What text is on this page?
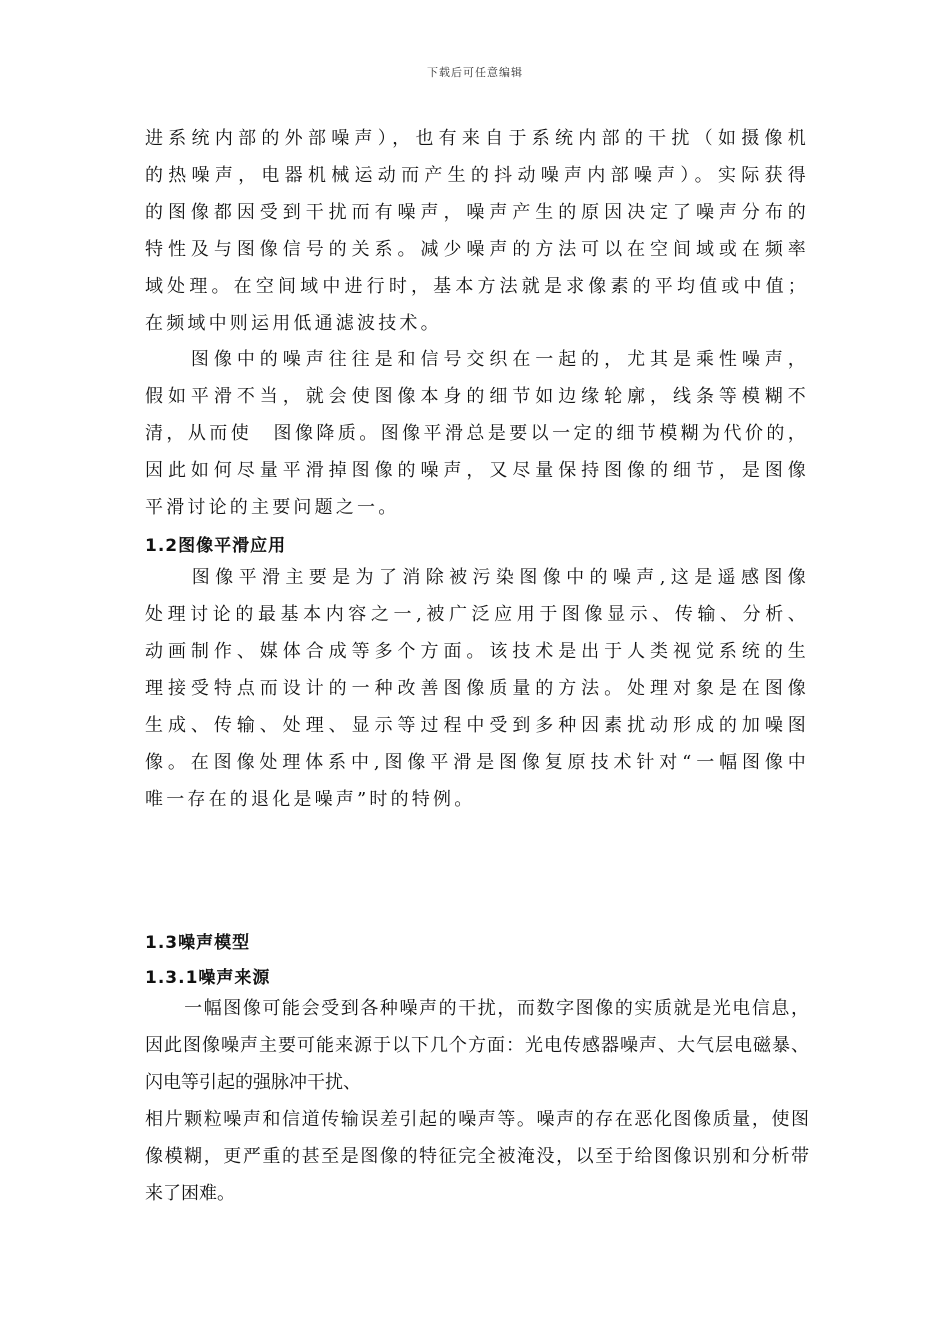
下载后可任意编辑
进系统内部的外部噪声），也有来自于系统内部的干扰（如摄像机
的热噪声，电器机械运动而产生的抖动噪声内部噪声）。实际获得
的图像都因受到干扰而有噪声，噪声产生的原因决定了噪声分布的
特性及与图像信号的关系。减少噪声的方法可以在空间域或在频率
域处理。在空间域中进行时，基本方法就是求像素的平均值或中值；
在频域中则运用低通滤波技术。
　　图像中的噪声往往是和信号交织在一起的，尤其是乘性噪声，
假如平滑不当，就会使图像本身的细节如边缘轮廓，线条等模糊不
清，从而使　图像降质。图像平滑总是要以一定的细节模糊为代价的，
因此如何尽量平滑掉图像的噪声，又尽量保持图像的细节，是图像
平滑讨论的主要问题之一。
1.2图像平滑应用
　　图像平滑主要是为了消除被污染图像中的噪声,这是遥感图像
处理讨论的最基本内容之一,被广泛应用于图像显示、传输、分析、
动画制作、媒体合成等多个方面。该技术是出于人类视觉系统的生
理接受特点而设计的一种改善图像质量的方法。处理对象是在图像
生成、传输、处理、显示等过程中受到多种因素扰动形成的加噪图
像。在图像处理体系中,图像平滑是图像复原技术针对“一幅图像中
唯一存在的退化是噪声”时的特例。
1.3噪声模型
1.3.1噪声来源
　　一幅图像可能会受到各种噪声的干扰，而数字图像的实质就是光电信息，
因此图像噪声主要可能来源于以下几个方面：光电传感器噪声、大气层电磁暴、
闪电等引起的强脉冲干扰、
相片颗粒噪声和信道传输误差引起的噪声等。噪声的存在恶化图像质量，使图
像模糊，更严重的甚至是图像的特征完全被淹没，以至于给图像识别和分析带
来了困难。
